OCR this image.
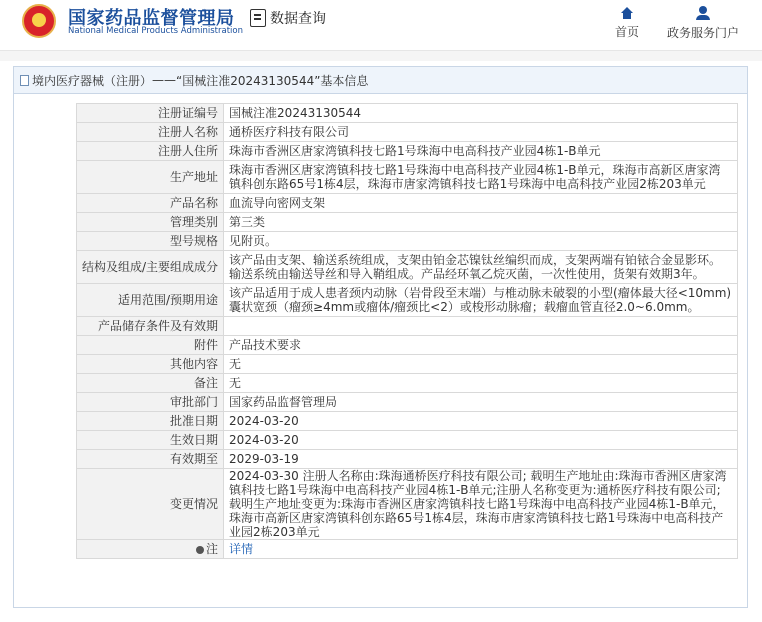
国家药品监督管理局
National Medical Products Administration
数据查询
首页 政务服务门户
境内医疗器械（注册） —— “国械注准20243130544”基本信息
注册证编号	国械注准20243130544
注册人名称	通桥医疗科技有限公司
注册人住所	珠海市香洲区唐家湾镇科技七路1号珠海中电高科技产业园4栋1-B单元
生产地址	珠海市香洲区唐家湾镇科技七路1号珠海中电高科技产业园4栋1-B单元，珠海市高新区唐家湾镇科创东路65号1栋4层，珠海市唐家湾镇科技七路1号珠海中电高科技产业园2栋203单元
产品名称	血流导向密网支架
管理类别	第三类
型号规格	见附页。
结构及组成/主要组成成分	该产品由支架、输送系统组成，支架由铂金芯镍钛丝编织而成，支架两端有铂铱合金显影环。输送系统由输送导丝和导入鞘组成。产品经环氧乙烷灭菌，一次性使用，货架有效期3年。
适用范围/预期用途	该产品适用于成人患者颈内动脉（岩骨段至末端）与椎动脉未破裂的小型(瘤体最大径<10mm)囊状宽颈（瘤颈≥4mm或瘤体/瘤颈比<2）或梭形动脉瘤；载瘤血管直径2.0~6.0mm。
产品储存条件及有效期	
附件	产品技术要求
其他内容	无
备注	无
审批部门	国家药品监督管理局
批准日期	2024-03-20
生效日期	2024-03-20
有效期至	2029-03-19
变更情况	2024-03-30 注册人名称由:珠海通桥医疗科技有限公司; 载明生产地址由:珠海市香洲区唐家湾镇科技七路1号珠海中电高科技产业园4栋1-B单元;注册人名称变更为:通桥医疗科技有限公司; 载明生产地址变更为:珠海市香洲区唐家湾镇科技七路1号珠海中电高科技产业园4栋1-B单元，珠海市高新区唐家湾镇科创东路65号1栋4层，珠海市唐家湾镇科技七路1号珠海中电高科技产业园2栋203单元
注	详情
